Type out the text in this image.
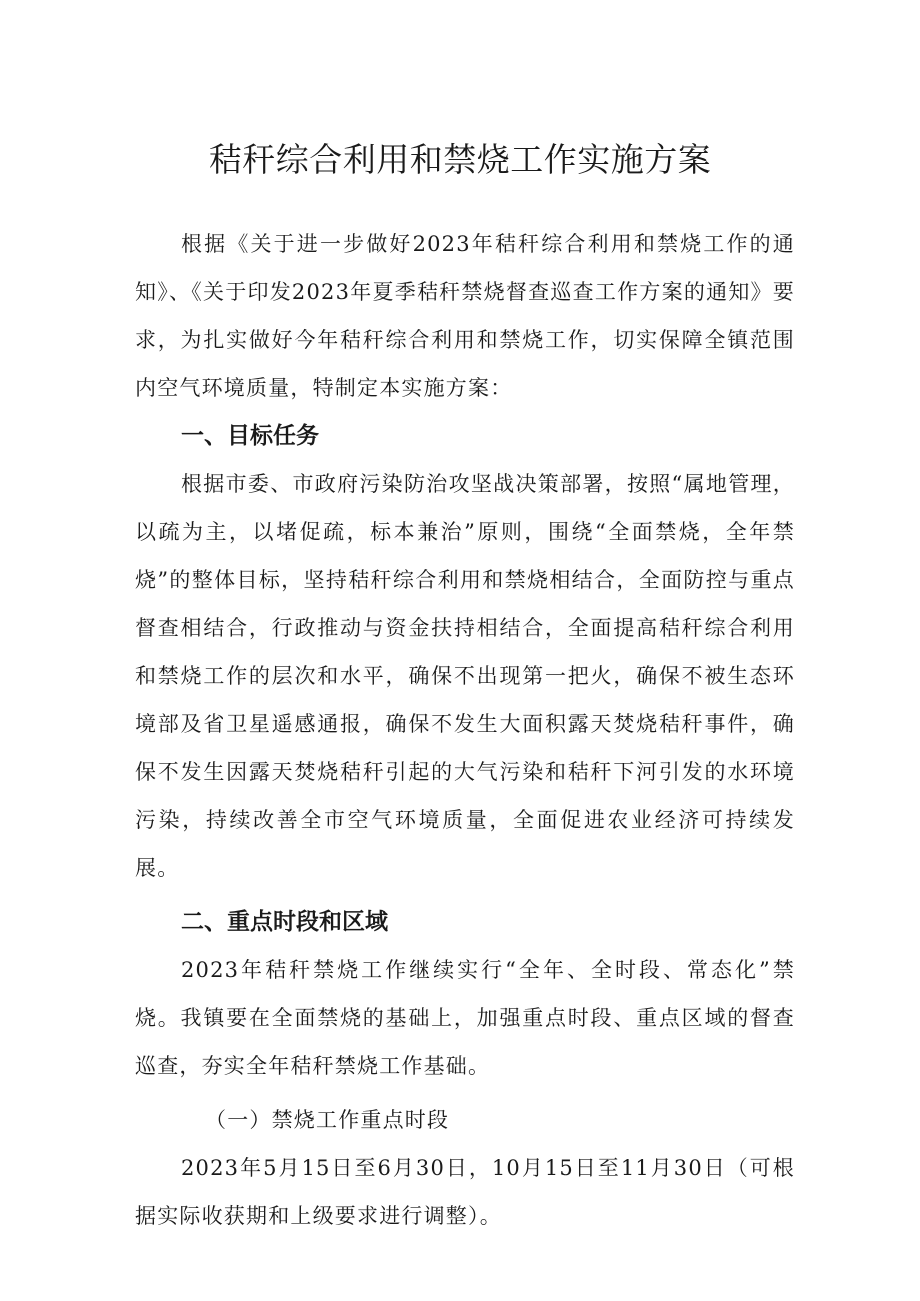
秸秆综合利用和禁烧工作实施方案

根据《关于进一步做好2023年秸秆综合利用和禁烧工作的通知》、《关于印发2023年夏季秸秆禁烧督查巡查工作方案的通知》要求，为扎实做好今年秸秆综合利用和禁烧工作，切实保障全镇范围内空气环境质量，特制定本实施方案：

一、目标任务

根据市委、市政府污染防治攻坚战决策部署，按照“属地管理，以疏为主，以堵促疏，标本兼治”原则，围绕“全面禁烧，全年禁烧”的整体目标，坚持秸秆综合利用和禁烧相结合，全面防控与重点督查相结合，行政推动与资金扶持相结合，全面提高秸秆综合利用和禁烧工作的层次和水平，确保不出现第一把火，确保不被生态环境部及省卫星遥感通报，确保不发生大面积露天焚烧秸秆事件，确保不发生因露天焚烧秸秆引起的大气污染和秸秆下河引发的水环境污染，持续改善全市空气环境质量，全面促进农业经济可持续发展。

二、重点时段和区域

2023年秸秆禁烧工作继续实行“全年、全时段、常态化”禁烧。我镇要在全面禁烧的基础上，加强重点时段、重点区域的督查巡查，夯实全年秸秆禁烧工作基础。

（一）禁烧工作重点时段

2023年5月15日至6月30日，10月15日至11月30日（可根据实际收获期和上级要求进行调整）。
